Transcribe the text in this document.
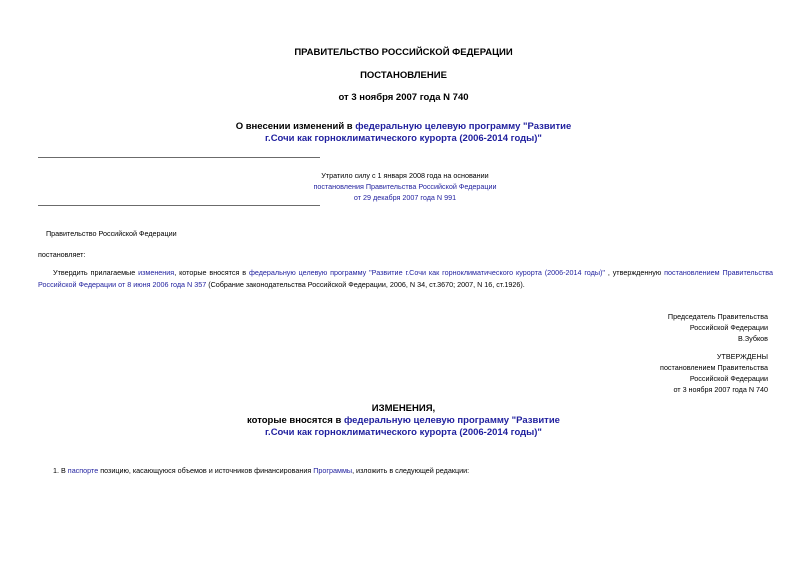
ПРАВИТЕЛЬСТВО РОССИЙСКОЙ ФЕДЕРАЦИИ
ПОСТАНОВЛЕНИЕ
от 3 ноября 2007 года N 740
О внесении изменений в федеральную целевую программу "Развитие
г.Сочи как горноклиматического курорта (2006-2014 годы)"
Утратило силу с 1 января 2008 года на основании
постановления Правительства Российской Федерации
от 29 декабря 2007 года N 991
Правительство Российской Федерации
постановляет:
Утвердить прилагаемые изменения, которые вносятся в федеральную целевую программу "Развитие г.Сочи как горноклиматического курорта (2006-2014 годы)" , утвержденную постановлением Правительства Российской Федерации от 8 июня 2006 года N 357 (Собрание законодательства Российской Федерации, 2006, N 34, ст.3670; 2007, N 16, ст.1926).
Председатель Правительства
Российской Федерации
В.Зубков
УТВЕРЖДЕНЫ
постановлением Правительства
Российской Федерации
от 3 ноября 2007 года N 740
ИЗМЕНЕНИЯ,
которые вносятся в федеральную целевую программу "Развитие
г.Сочи как горноклиматического курорта (2006-2014 годы)"
1. В паспорте позицию, касающуюся объемов и источников финансирования Программы, изложить в следующей редакции:
